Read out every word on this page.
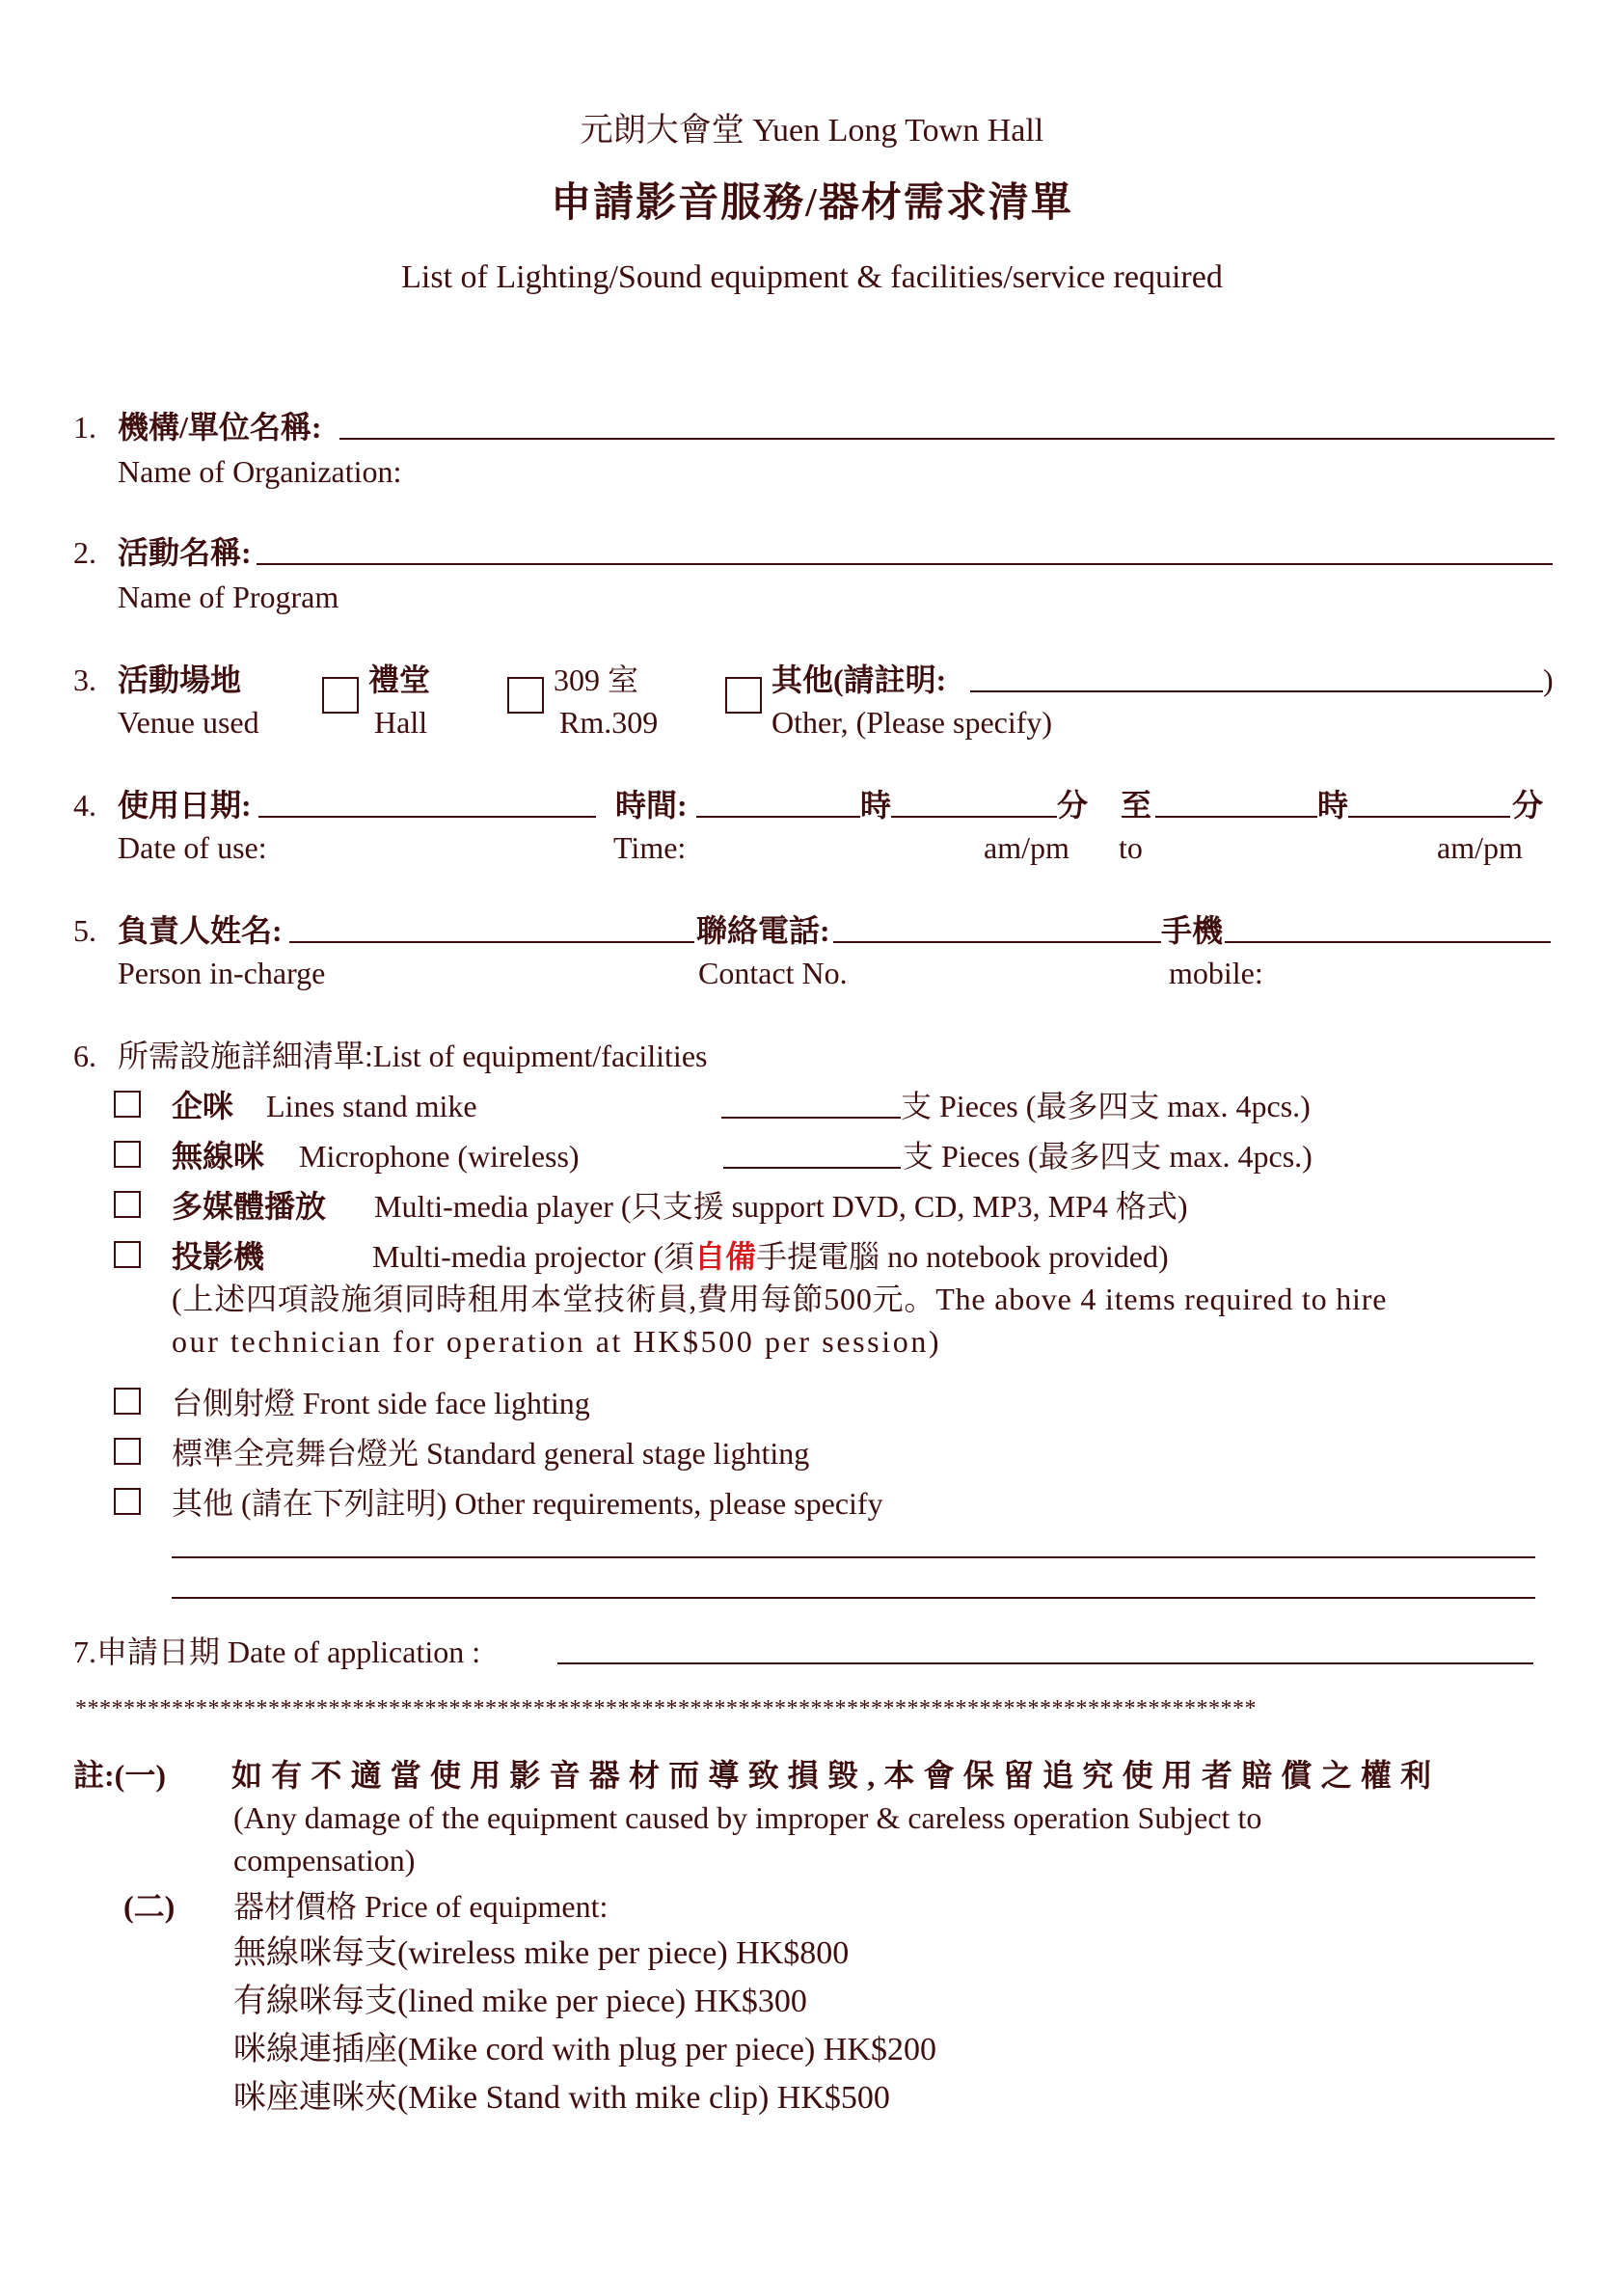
元朗大會堂 Yuen Long Town Hall
申請影音服務/器材需求清單
List of Lighting/Sound equipment & facilities/service required
1. 機構/單位名稱:
Name of Organization:
2. 活動名稱:
Name of Program
3. 活動場地
Venue used
禮堂
Hall
309 室
Rm.309
其他(請註明:	)
Other, (Please specify)
4. 使用日期:
Date of use:
時間:
Time:
時	分
am/pm
至
to
時	分
am/pm
5. 負責人姓名:
Person in-charge
聯絡電話:
Contact No.
手機
mobile:
6. 所需設施詳細清單:List of equipment/facilities
企咪 Lines stand mike	支 Pieces (最多四支 max. 4pcs.)
無線咪 Microphone (wireless)	支 Pieces (最多四支 max. 4pcs.)
多媒體播放 Multi-media player (只支援 support DVD, CD, MP3, MP4 格式)
投影機	Multi-media projector (須自備手提電腦 no notebook provided)
(上述四項設施須同時租用本堂技術員,費用每節500元。The above 4 items required to hire
our technician for operation at HK$500 per session)
台側射燈 Front side face lighting
標準全亮舞台燈光 Standard general stage lighting
其他 (請在下列註明) Other requirements, please specify
7.申請日期 Date of application :
**************************************************************************************************
註:(一) 如 有 不 適 當 使 用 影 音 器 材 而 導 致 損 毀 , 本 會 保 留 追 究 使 用 者 賠 償 之 權 利
(Any damage of the equipment caused by improper & careless operation Subject to
compensation)
(二) 器材價格 Price of equipment:
無線咪每支(wireless mike per piece) HK$800
有線咪每支(lined mike per piece) HK$300
咪線連插座(Mike cord with plug per piece) HK$200
咪座連咪夾(Mike Stand with mike clip) HK$500
